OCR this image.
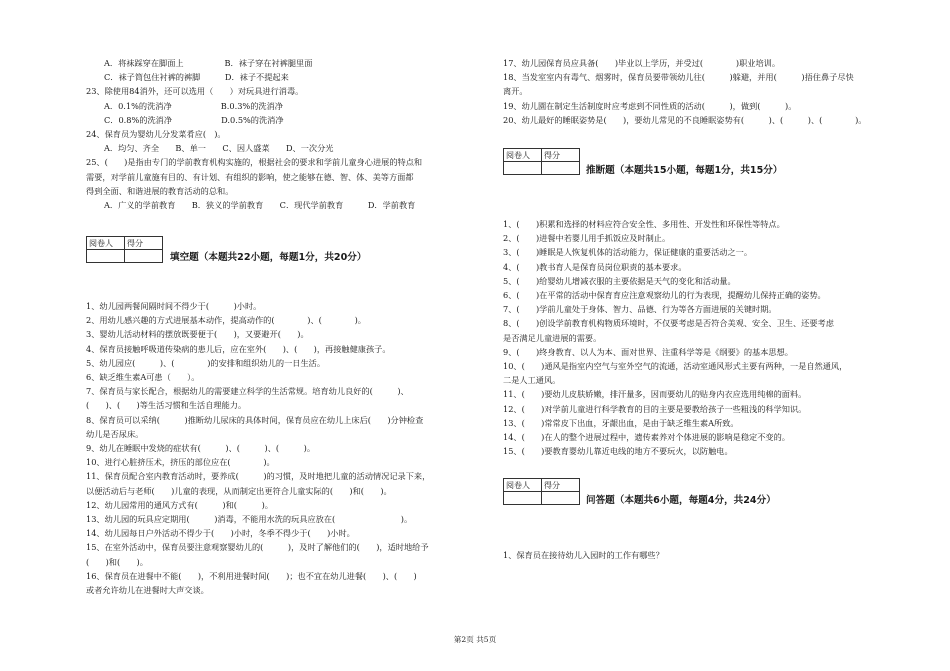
A．将袜踩穿在脚面上　　　　　B．袜子穿在衬裤腿里面
C．袜子筒包住衬裤的裤脚　　　D．袜子不提起来
23、除使用84消外，还可以选用（　　）对玩具进行消毒。
A．0.1%的洗消净　　　　　　B.0.3%的洗消净
C．0.8%的洗消净　　　　　　D.0.5%的洗消净
24、保育员为婴幼儿分发菜肴应(　)。
A．均匀、齐全　　B、单一　　C、因人盛菜　　D、一次分光
25、(　　)是指由专门的学前教育机构实施的，根据社会的要求和学前儿童身心进展的特点和
需要，对学前儿童施有目的、有计划、有组织的影响，使之能够在德、智、体、美等方面都
得到全面、和谐进展的教育活动的总和。
A．广义的学前教育　　B．狭义的学前教育　　C．现代学前教育　　　D．学前教育
阅卷人	得分

填空题（本题共22小题，每题1分，共20分）
1、幼儿园两餐间隔时间不得少于(　　　)小时。
2、用幼儿感兴趣的方式进展基本动作，提高动作的(　　　　)、(　　　　)。
3、婴幼儿活动材料的摆放既要便于(　　)，又要避开(　　)。
4、保育员接触呼吸道传染病的患儿后，应在室外(　　)、(　　)，再接触健康孩子。
5、幼儿园应(　　　)、(　　　　)的安排和组织幼儿的一日生活。
6、缺乏维生素A可患（　　）。
7、保育员与家长配合，根据幼儿的需要建立科学的生活常规。培育幼儿良好的(　　　)、
(　　)、(　　)等生活习惯和生活自理能力。
8、保育员可以采纳(　　　)推断幼儿尿床的具体时间，保育员应在幼儿上床后(　　)分钟检查
幼儿是否尿床。
9、幼儿在睡眠中发烧的症状有(　　　)、(　　　)、(　　　)。
10、进行心脏挤压术，挤压的部位应在(　　　　)。
11、保育员配合室内教育活动时，要养成(　　　)的习惯，及时地把儿童的活动情况记录下来，
以便活动后与老师(　　)儿童的表现，从而制定出更符合儿童实际的(　　)和(　　)。
12、幼儿园常用的通风方式有(　　　)和(　　　)。
13、幼儿园的玩具应定期用(　　　)消毒，不能用水洗的玩具应放在(　　　　　　　　)。
14、幼儿园每日户外活动不得少于(　　)小时，冬季不得少于(　　)小时。
15、在室外活动中，保育员要注意观察婴幼儿的(　　　)，及时了解他们的(　　)，适时地给予
(　　)和(　　)。
16、保育员在进餐中不能(　　)，不利用进餐时间(　　)；也不宜在幼儿进餐(　　)、(　　)
或者允许幼儿在进餐时大声交谈。
17、幼儿园保育员应具备(　　)毕业以上学历，并受过(　　　　)职业培训。
18、当发室室内有毒气、烟雾时，保育员要带领幼儿往(　　　)躲避，并用(　　　)捂住鼻子尽快
离开。
19、幼儿園在制定生活制度时应考虑到不同性质的活动(　　　)，做到(　　　)。
20、幼儿最好的睡眠姿势是(　　)，要幼儿常见的不良睡眠姿势有(　　　)、(　　　)、(　　　　)。
阅卷人	得分

推断题（本题共15小题，每题1分，共15分）
1、(　　)积累和选择的材料应符合安全性、多用性、开发性和环保性等特点。
2、(　　)进餐中若婴儿用手抓饭应及时制止。
3、(　　)睡眠是人恢复机体的活动能力，保证健康的重要活动之一。
4、(　　)教书育人是保育员岗位职责的基本要求。
5、(　　)给婴幼儿增减衣服的主要依据是天气的变化和活动量。
6、(　　)在平常的活动中保育育应注意观察幼儿的行为表现，提醒幼儿保持正确的姿势。
7、(　　)学前儿童处于身体、智力、品德、行为等各方面进展的关键时期。
8、(　　)创设学前教育机构物质环境时，不仅要考虑是否符合美观、安全、卫生、还要考虑
是否满足儿童进展的需要。
9、(　　)终身教育、以人为本、面对世界、注重科学等是《纲要》的基本思想。
10、(　　)通风是指室内空气与室外空气的流通，活动室通风形式主要有两种，一是自然通风，
二是人工通风。
11、(　　)要幼儿皮肤娇嫩，排汗量多，因而要幼儿的贴身内衣应选用纯棉的面料。
12、(　　)对学前儿童进行科学教育的目的主要是要教给孩子一些粗浅的科学知识。
13、(　　)常常皮下出血，牙龈出血，是由于缺乏维生素A所致。
14、(　　)在人的整个进展过程中，遗传素养对个体进展的影响是稳定不变的。
15、(　　)要教育婴幼儿靠近电线的地方不要玩火，以防触电。
阅卷人	得分

问答题（本题共6小题，每题4分，共24分）
1、保育员在接待幼儿入园时的工作有哪些？
第2页 共5页
